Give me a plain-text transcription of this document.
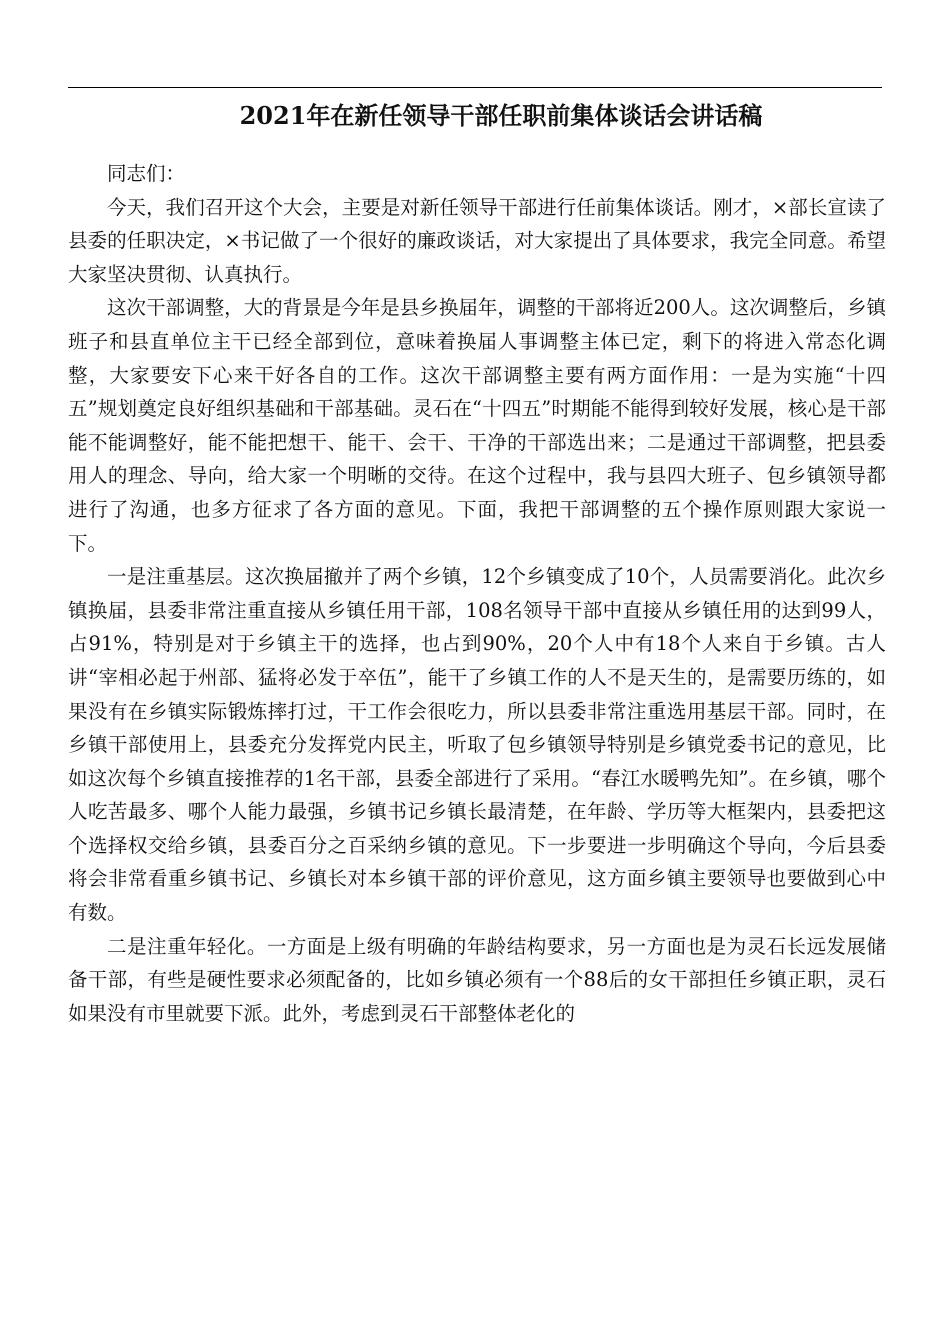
2021年在新任领导干部任职前集体谈话会讲话稿

同志们：

今天，我们召开这个大会，主要是对新任领导干部进行任前集体谈话。刚才，×部长宣读了县委的任职决定，×书记做了一个很好的廉政谈话，对大家提出了具体要求，我完全同意。希望大家坚决贯彻、认真执行。

这次干部调整，大的背景是今年是县乡换届年，调整的干部将近200人。这次调整后，乡镇班子和县直单位主干已经全部到位，意味着换届人事调整主体已定，剩下的将进入常态化调整，大家要安下心来干好各自的工作。这次干部调整主要有两方面作用：一是为实施“十四五”规划奠定良好组织基础和干部基础。灵石在“十四五”时期能不能得到较好发展，核心是干部能不能调整好，能不能把想干、能干、会干、干净的干部选出来；二是通过干部调整，把县委用人的理念、导向，给大家一个明晰的交待。在这个过程中，我与县四大班子、包乡镇领导都进行了沟通，也多方征求了各方面的意见。下面，我把干部调整的五个操作原则跟大家说一下。

一是注重基层。这次换届撤并了两个乡镇，12个乡镇变成了10个，人员需要消化。此次乡镇换届，县委非常注重直接从乡镇任用干部，108名领导干部中直接从乡镇任用的达到99人，占91%，特别是对于乡镇主干的选择，也占到90%，20个人中有18个人来自于乡镇。古人讲“宰相必起于州部、猛将必发于卒伍”，能干了乡镇工作的人不是天生的，是需要历练的，如果没有在乡镇实际锻炼摔打过，干工作会很吃力，所以县委非常注重选用基层干部。同时，在乡镇干部使用上，县委充分发挥党内民主，听取了包乡镇领导特别是乡镇党委书记的意见，比如这次每个乡镇直接推荐的1名干部，县委全部进行了采用。“春江水暖鸭先知”。在乡镇，哪个人吃苦最多、哪个人能力最强，乡镇书记乡镇长最清楚，在年龄、学历等大框架内，县委把这个选择权交给乡镇，县委百分之百采纳乡镇的意见。下一步要进一步明确这个导向，今后县委将会非常看重乡镇书记、乡镇长对本乡镇干部的评价意见，这方面乡镇主要领导也要做到心中有数。

二是注重年轻化。一方面是上级有明确的年龄结构要求，另一方面也是为灵石长远发展储备干部，有些是硬性要求必须配备的，比如乡镇必须有一个88后的女干部担任乡镇正职，灵石如果没有市里就要下派。此外，考虑到灵石干部整体老化的
